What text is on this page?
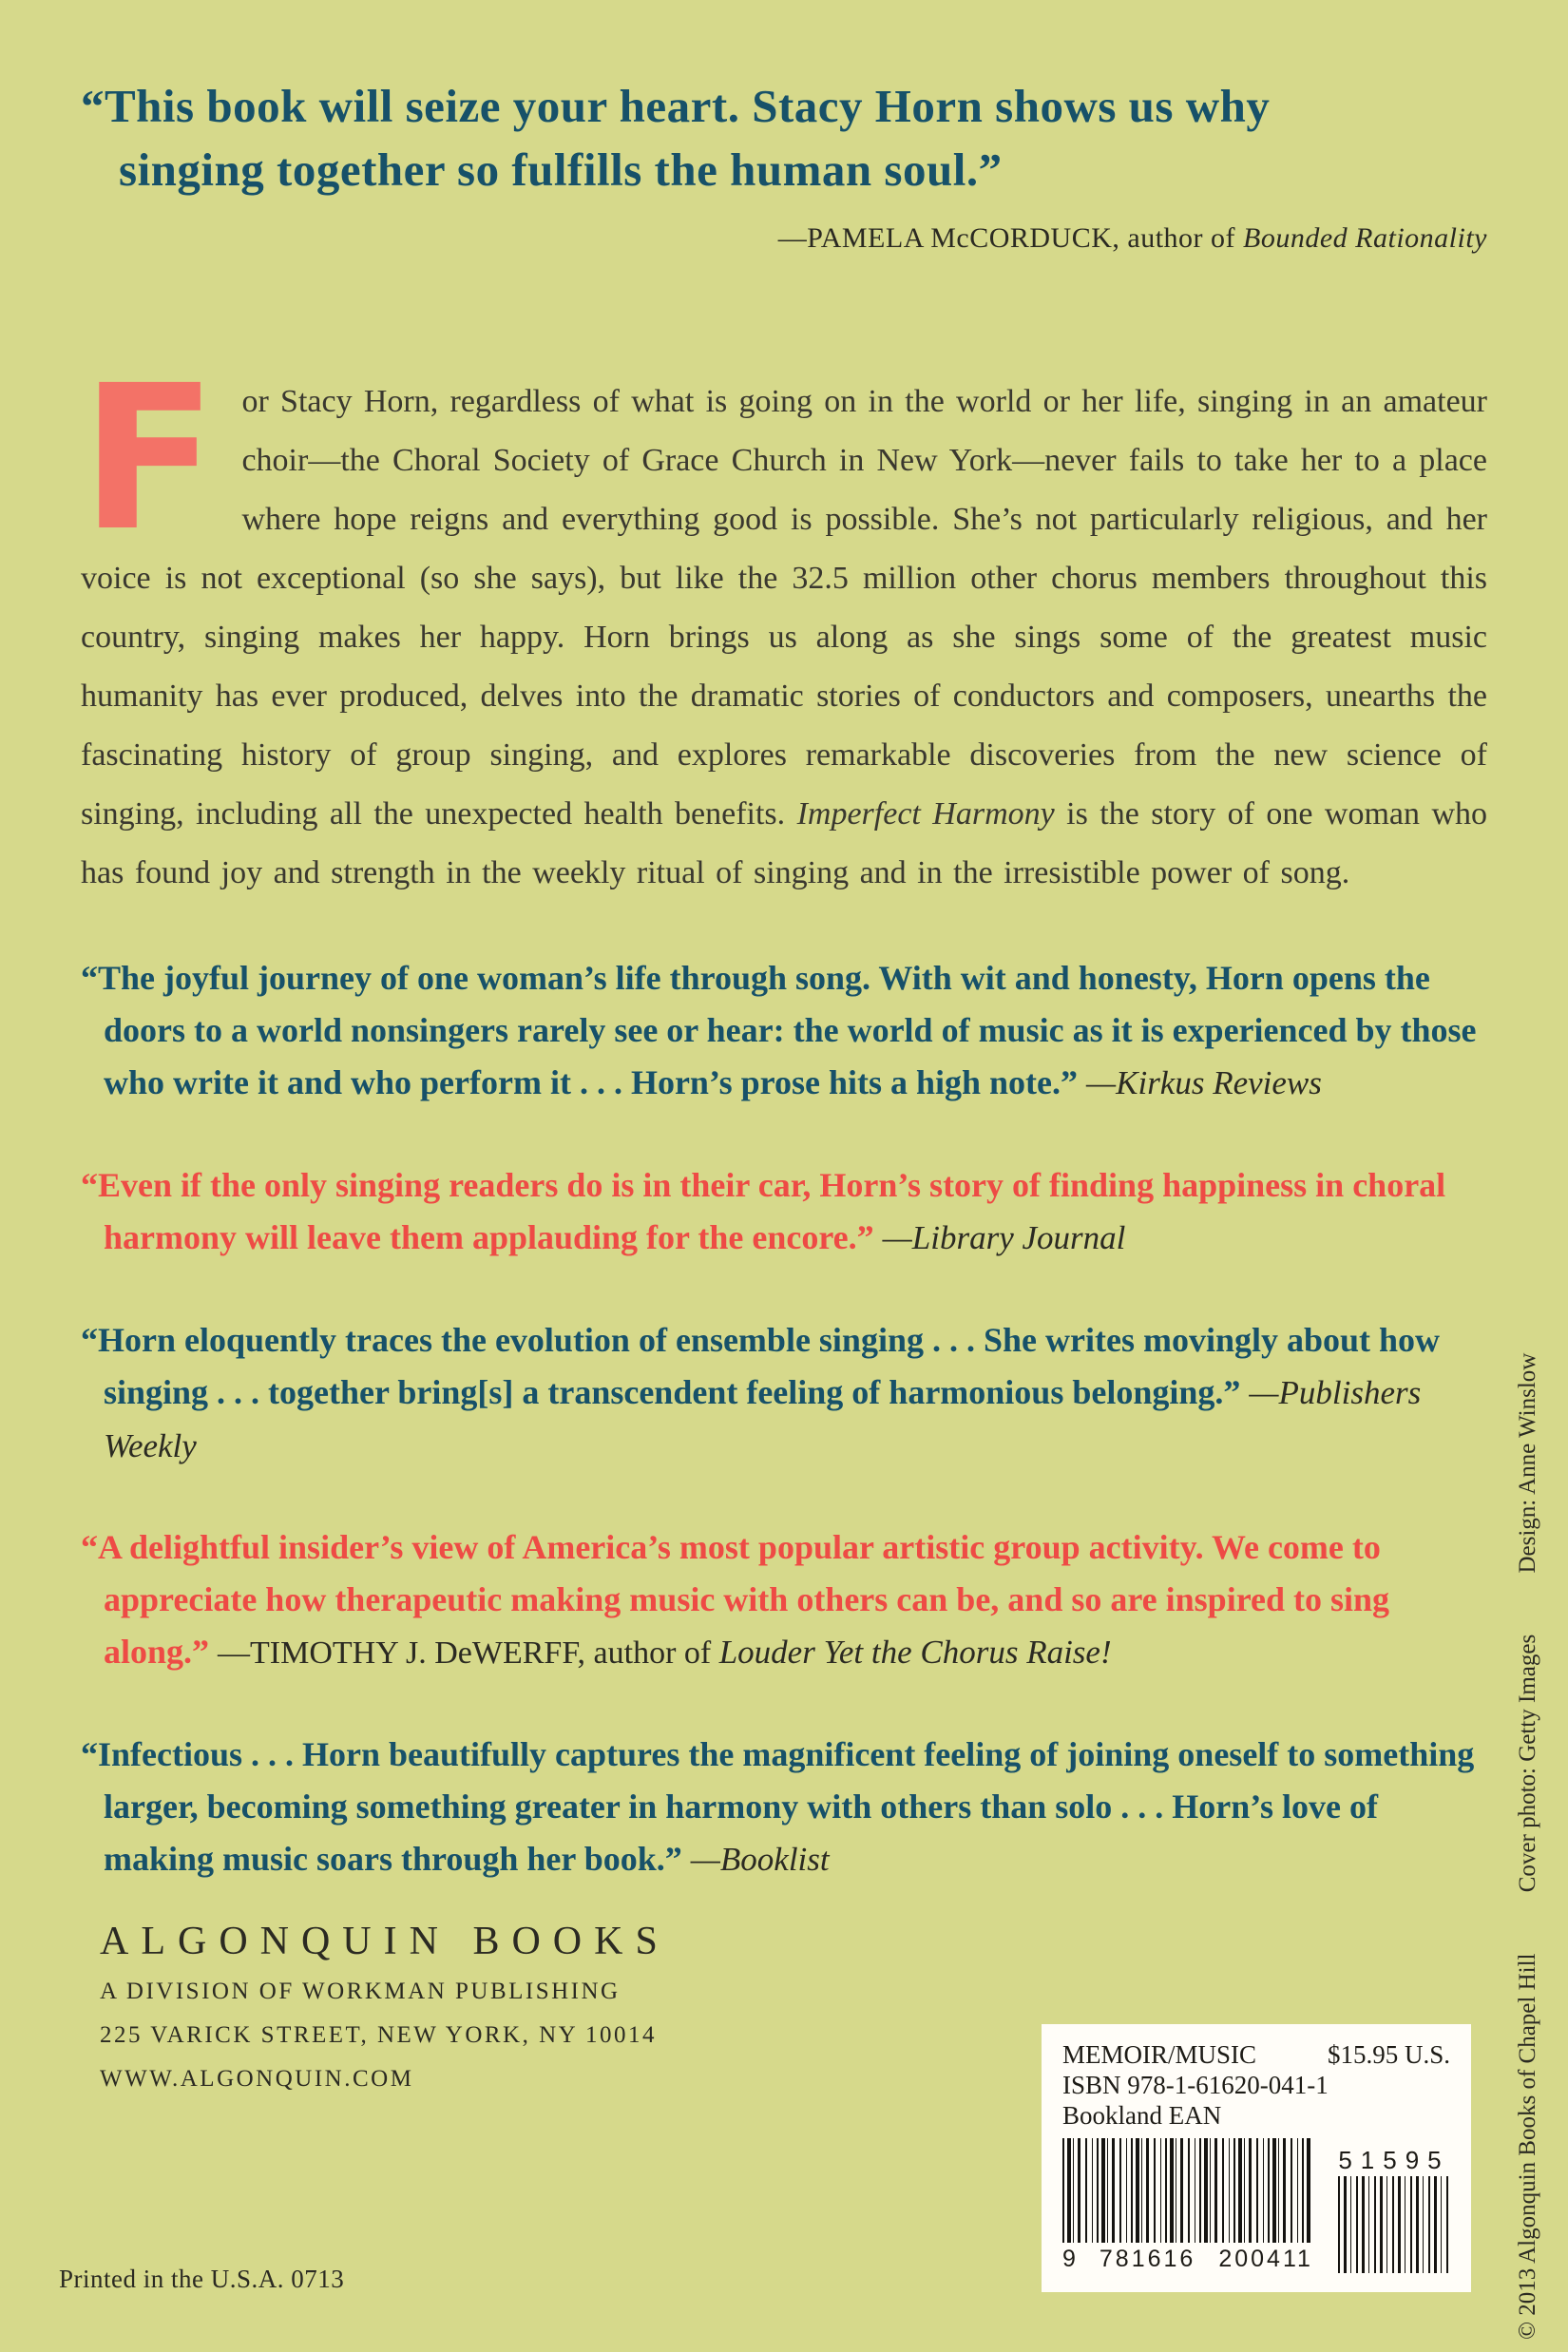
“This book will seize your heart. Stacy Horn shows us why
singing together so fulfills the human soul.”
—PAMELA McCORDUCK, author of Bounded Rationality

For Stacy Horn, regardless of what is going on in the world or her life, singing in an amateur choir—the Choral Society of Grace Church in New York—never fails to take her to a place where hope reigns and everything good is possible. She’s not particularly religious, and her voice is not exceptional (so she says), but like the 32.5 million other chorus members throughout this country, singing makes her happy. Horn brings us along as she sings some of the greatest music humanity has ever produced, delves into the dramatic stories of conductors and composers, unearths the fascinating history of group singing, and explores remarkable discoveries from the new science of singing, including all the unexpected health benefits. Imperfect Harmony is the story of one woman who has found joy and strength in the weekly ritual of singing and in the irresistible power of song.

“The joyful journey of one woman’s life through song. With wit and honesty, Horn opens the doors to a world nonsingers rarely see or hear: the world of music as it is experienced by those who write it and who perform it . . . Horn’s prose hits a high note.” —Kirkus Reviews

“Even if the only singing readers do is in their car, Horn’s story of finding happiness in choral harmony will leave them applauding for the encore.” —Library Journal

“Horn eloquently traces the evolution of ensemble singing . . . She writes movingly about how singing . . . together bring[s] a transcendent feeling of harmonious belonging.” —Publishers Weekly

“A delightful insider’s view of America’s most popular artistic group activity. We come to appreciate how therapeutic making music with others can be, and so are inspired to sing along.” —TIMOTHY J. DeWERFF, author of Louder Yet the Chorus Raise!

“Infectious . . . Horn beautifully captures the magnificent feeling of joining oneself to something larger, becoming something greater in harmony with others than solo . . . Horn’s love of making music soars through her book.” —Booklist

ALGONQUIN BOOKS
A DIVISION OF WORKMAN PUBLISHING
225 VARICK STREET, NEW YORK, NY 10014
WWW.ALGONQUIN.COM
Printed in the U.S.A. 0713
MEMOIR/MUSIC	$15.95 U.S.
ISBN 978-1-61620-041-1
Bookland EAN
9 781616 200411
51595	© 2013 Algonquin Books of Chapel Hill Cover photo: Getty Images Design: Anne Winslow
